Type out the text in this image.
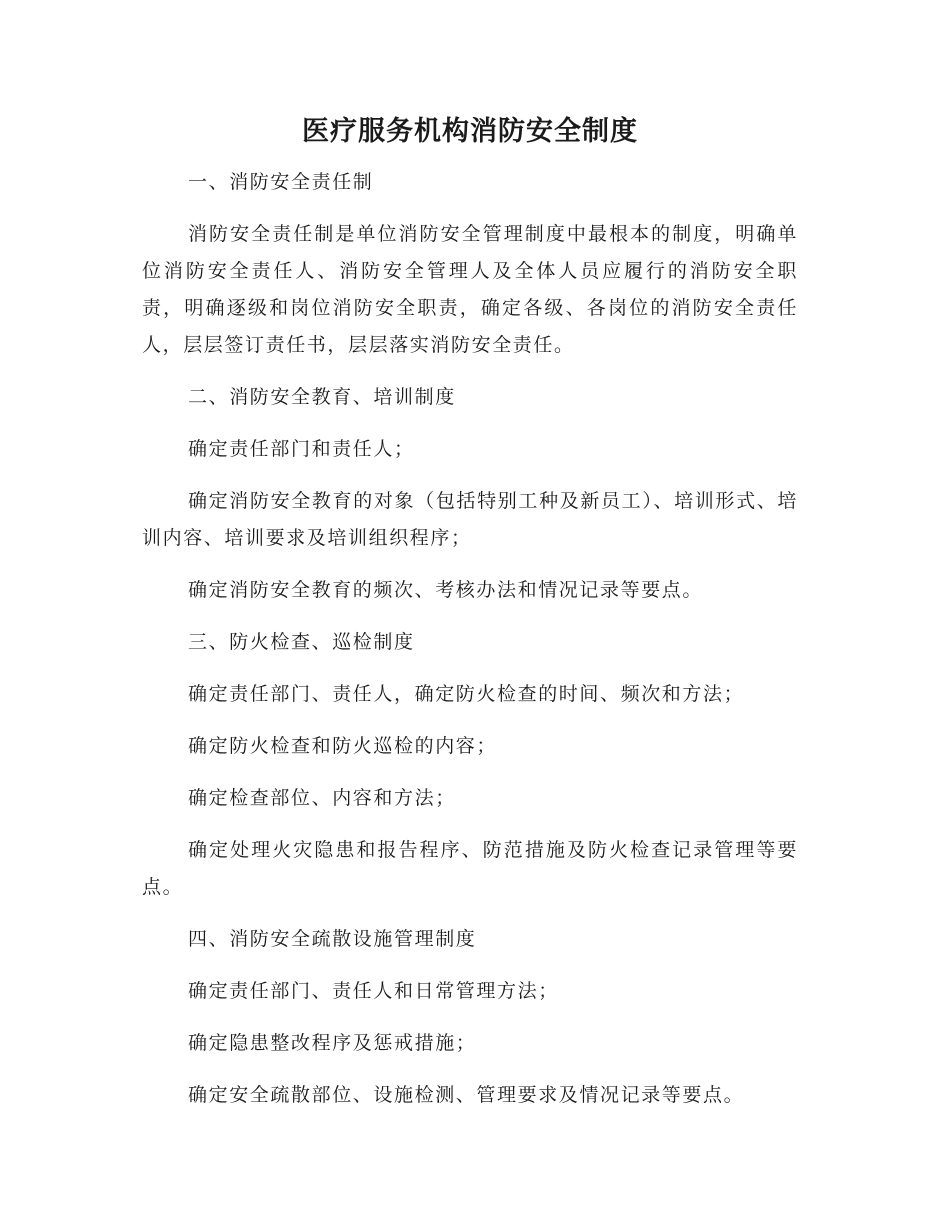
医疗服务机构消防安全制度

一、消防安全责任制

消防安全责任制是单位消防安全管理制度中最根本的制度，明确单位消防安全责任人、消防安全管理人及全体人员应履行的消防安全职责，明确逐级和岗位消防安全职责，确定各级、各岗位的消防安全责任人，层层签订责任书，层层落实消防安全责任。

二、消防安全教育、培训制度

确定责任部门和责任人；

确定消防安全教育的对象（包括特别工种及新员工）、培训形式、培训内容、培训要求及培训组织程序；

确定消防安全教育的频次、考核办法和情况记录等要点。

三、防火检查、巡检制度

确定责任部门、责任人，确定防火检查的时间、频次和方法；

确定防火检查和防火巡检的内容；

确定检查部位、内容和方法；

确定处理火灾隐患和报告程序、防范措施及防火检查记录管理等要点。

四、消防安全疏散设施管理制度

确定责任部门、责任人和日常管理方法；

确定隐患整改程序及惩戒措施；

确定安全疏散部位、设施检测、管理要求及情况记录等要点。
